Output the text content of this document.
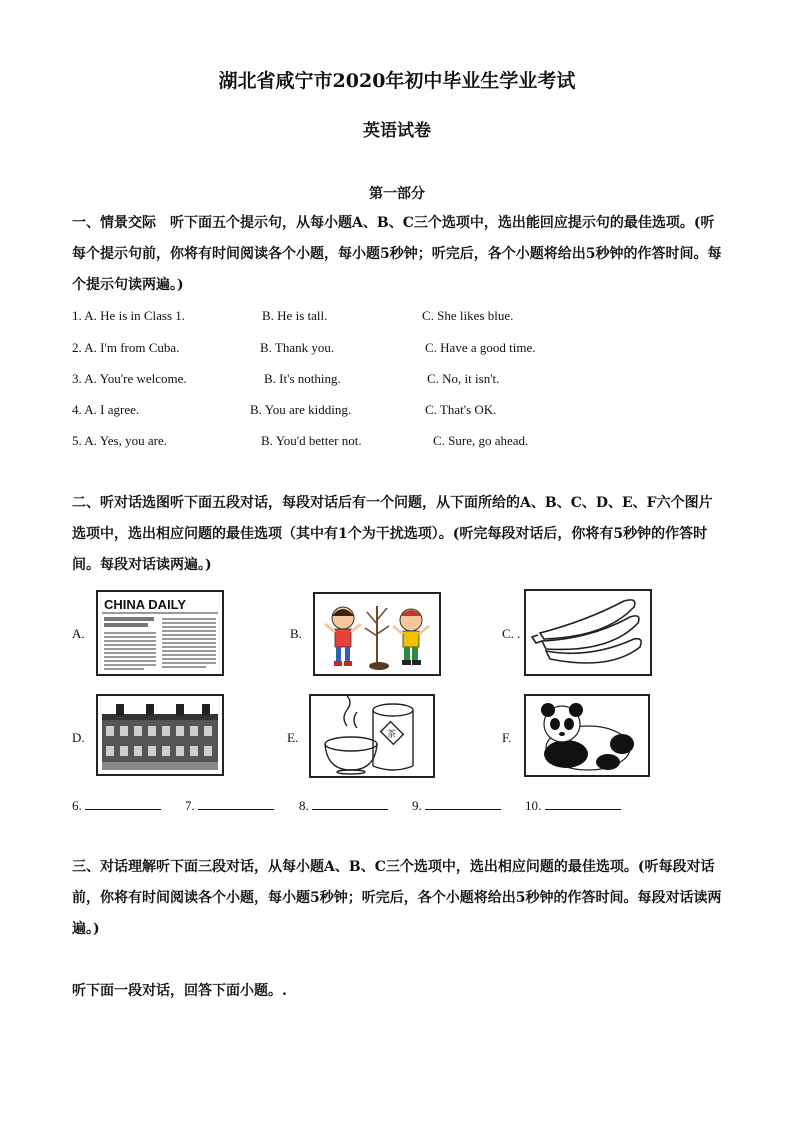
湖北省咸宁市2020年初中毕业生学业考试
英语试卷
第一部分
一、情景交际　听下面五个提示句，从每小题A、B、C三个选项中，选出能回应提示句的最佳选项。(听每个提示句前，你将有时间阅读各个小题，每小题5秒钟；听完后，各个小题将给出5秒钟的作答时间。每个提示句读两遍。)
1. A. He is in Class 1.	B. He is tall.	C. She likes blue.
2. A. I'm from Cuba.	B. Thank you.	C. Have a good time.
3. A. You're welcome.	B. It's nothing.	C. No, it isn't.
4. A. I agree.	B. You are kidding.	C. That's OK.
5. A. Yes, you are.	B. You'd better not.	C. Sure, go ahead.
二、听对话选图听下面五段对话，每段对话后有一个问题，从下面所给的A、B、C、D、E、F六个图片选项中，选出相应问题的最佳选项（其中有1个为干扰选项）。(听完每段对话后，你将有5秒钟的作答时间。每段对话读两遍。)
A.	B.	C. .
D.	E.	F.
CHINA DAILY
茶
6.	7.	8.	9.	10.
三、对话理解听下面三段对话，从每小题A、B、C三个选项中，选出相应问题的最佳选项。(听每段对话前，你将有时间阅读各个小题，每小题5秒钟；听完后，各个小题将给出5秒钟的作答时间。每段对话读两遍。)
听下面一段对话，回答下面小题。.
